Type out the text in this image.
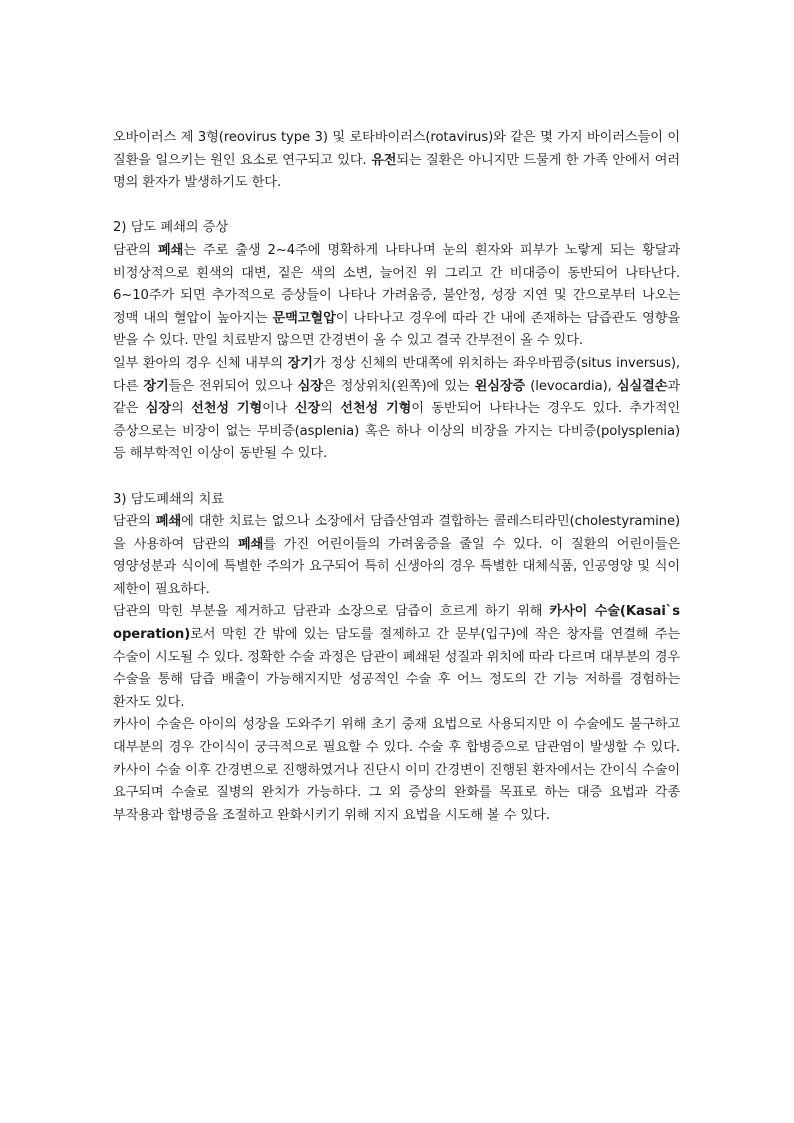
오바이러스 제 3형(reovirus type 3) 및 로타바이러스(rotavirus)와 같은 몇 가지 바이러스들이 이 질환을 일으키는 원인 요소로 연구되고 있다. 유전되는 질환은 아니지만 드물게 한 가족 안에서 여러 명의 환자가 발생하기도 한다.

2) 담도 폐쇄의 증상

담관의 폐쇄는 주로 출생 2~4주에 명확하게 나타나며 눈의 흰자와 피부가 노랗게 되는 황달과 비정상적으로 흰색의 대변, 짙은 색의 소변, 늘어진 위 그리고 간 비대증이 동반되어 나타난다. 6~10주가 되면 추가적으로 증상들이 나타나 가려움증, 불안정, 성장 지연 및 간으로부터 나오는 정맥 내의 혈압이 높아지는 문맥고혈압이 나타나고 경우에 따라 간 내에 존재하는 담즙관도 영향을 받을 수 있다. 만일 치료받지 않으면 간경변이 올 수 있고 결국 간부전이 올 수 있다.

일부 환아의 경우 신체 내부의 장기가 정상 신체의 반대쪽에 위치하는 좌우바뀜증(situs inversus), 다른 장기들은 전위되어 있으나 심장은 정상위치(왼쪽)에 있는 왼심장증 (levocardia), 심실결손과 같은 심장의 선천성 기형이나 신장의 선천성 기형이 동반되어 나타나는 경우도 있다. 추가적인 증상으로는 비장이 없는 무비증(asplenia) 혹은 하나 이상의 비장을 가지는 다비증(polysplenia) 등 해부학적인 이상이 동반될 수 있다.

3) 담도폐쇄의 치료

담관의 폐쇄에 대한 치료는 없으나 소장에서 담즙산염과 결합하는 콜레스티라민(cholestyramine)을 사용하여 담관의 폐쇄를 가진 어린이들의 가려움증을 줄일 수 있다. 이 질환의 어린이들은 영양성분과 식이에 특별한 주의가 요구되어 특히 신생아의 경우 특별한 대체식품, 인공영양 및 식이 제한이 필요하다.

담관의 막힌 부분을 제거하고 담관과 소장으로 담즙이 흐르게 하기 위해 카사이 수술(Kasai`s operation)로서 막힌 간 밖에 있는 담도를 절제하고 간 문부(입구)에 작은 창자를 연결해 주는 수술이 시도될 수 있다. 정확한 수술 과정은 담관이 폐쇄된 성질과 위치에 따라 다르며 대부분의 경우 수술을 통해 담즙 배출이 가능해지지만 성공적인 수술 후 어느 정도의 간 기능 저하를 경험하는 환자도 있다.

카사이 수술은 아이의 성장을 도와주기 위해 초기 중재 요법으로 사용되지만 이 수술에도 불구하고 대부분의 경우 간이식이 궁극적으로 필요할 수 있다. 수술 후 합병증으로 담관염이 발생할 수 있다. 카사이 수술 이후 간경변으로 진행하였거나 진단시 이미 간경변이 진행된 환자에서는 간이식 수술이 요구되며 수술로 질병의 완치가 가능하다. 그 외 증상의 완화를 목표로 하는 대증 요법과 각종 부작용과 합병증을 조절하고 완화시키기 위해 지지 요법을 시도해 볼 수 있다.
